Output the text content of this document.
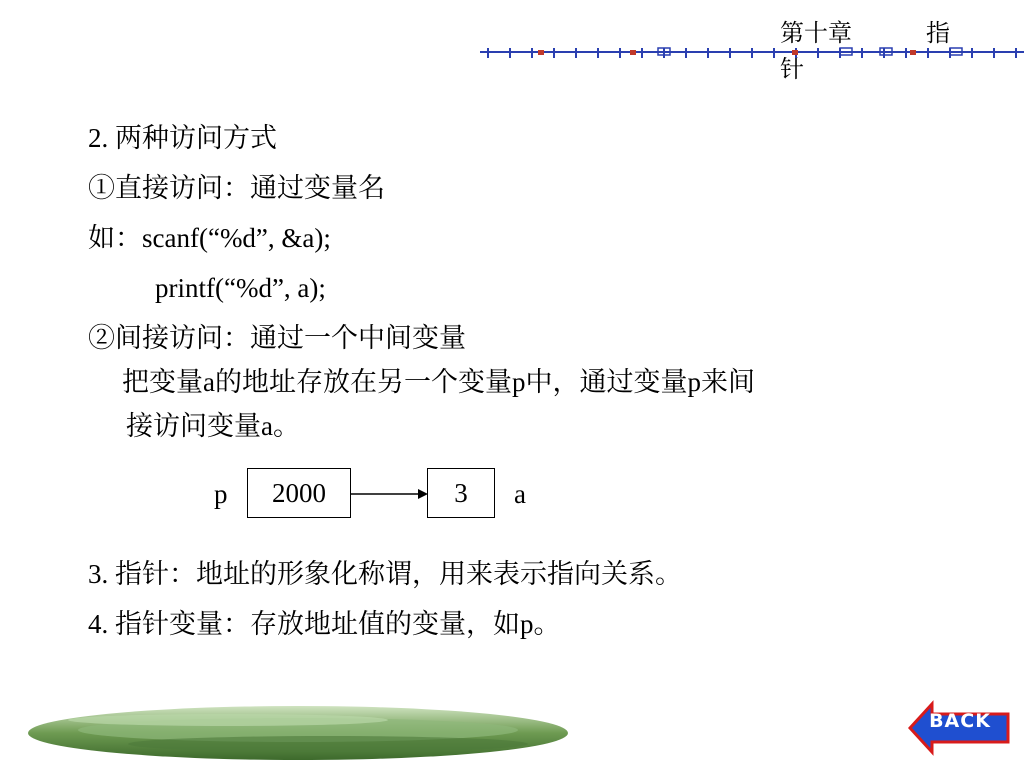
第十章	指
针
2. 两种访问方式
①直接访问：通过变量名
如：scanf(“%d”, &a);
printf(“%d”, a);
②间接访问：通过一个中间变量
把变量a的地址存放在另一个变量p中，通过变量p来间
接访问变量a。
p	2000	3	a
3. 指针：地址的形象化称谓，用来表示指向关系。
4. 指针变量：存放地址值的变量，如p。
BACK
